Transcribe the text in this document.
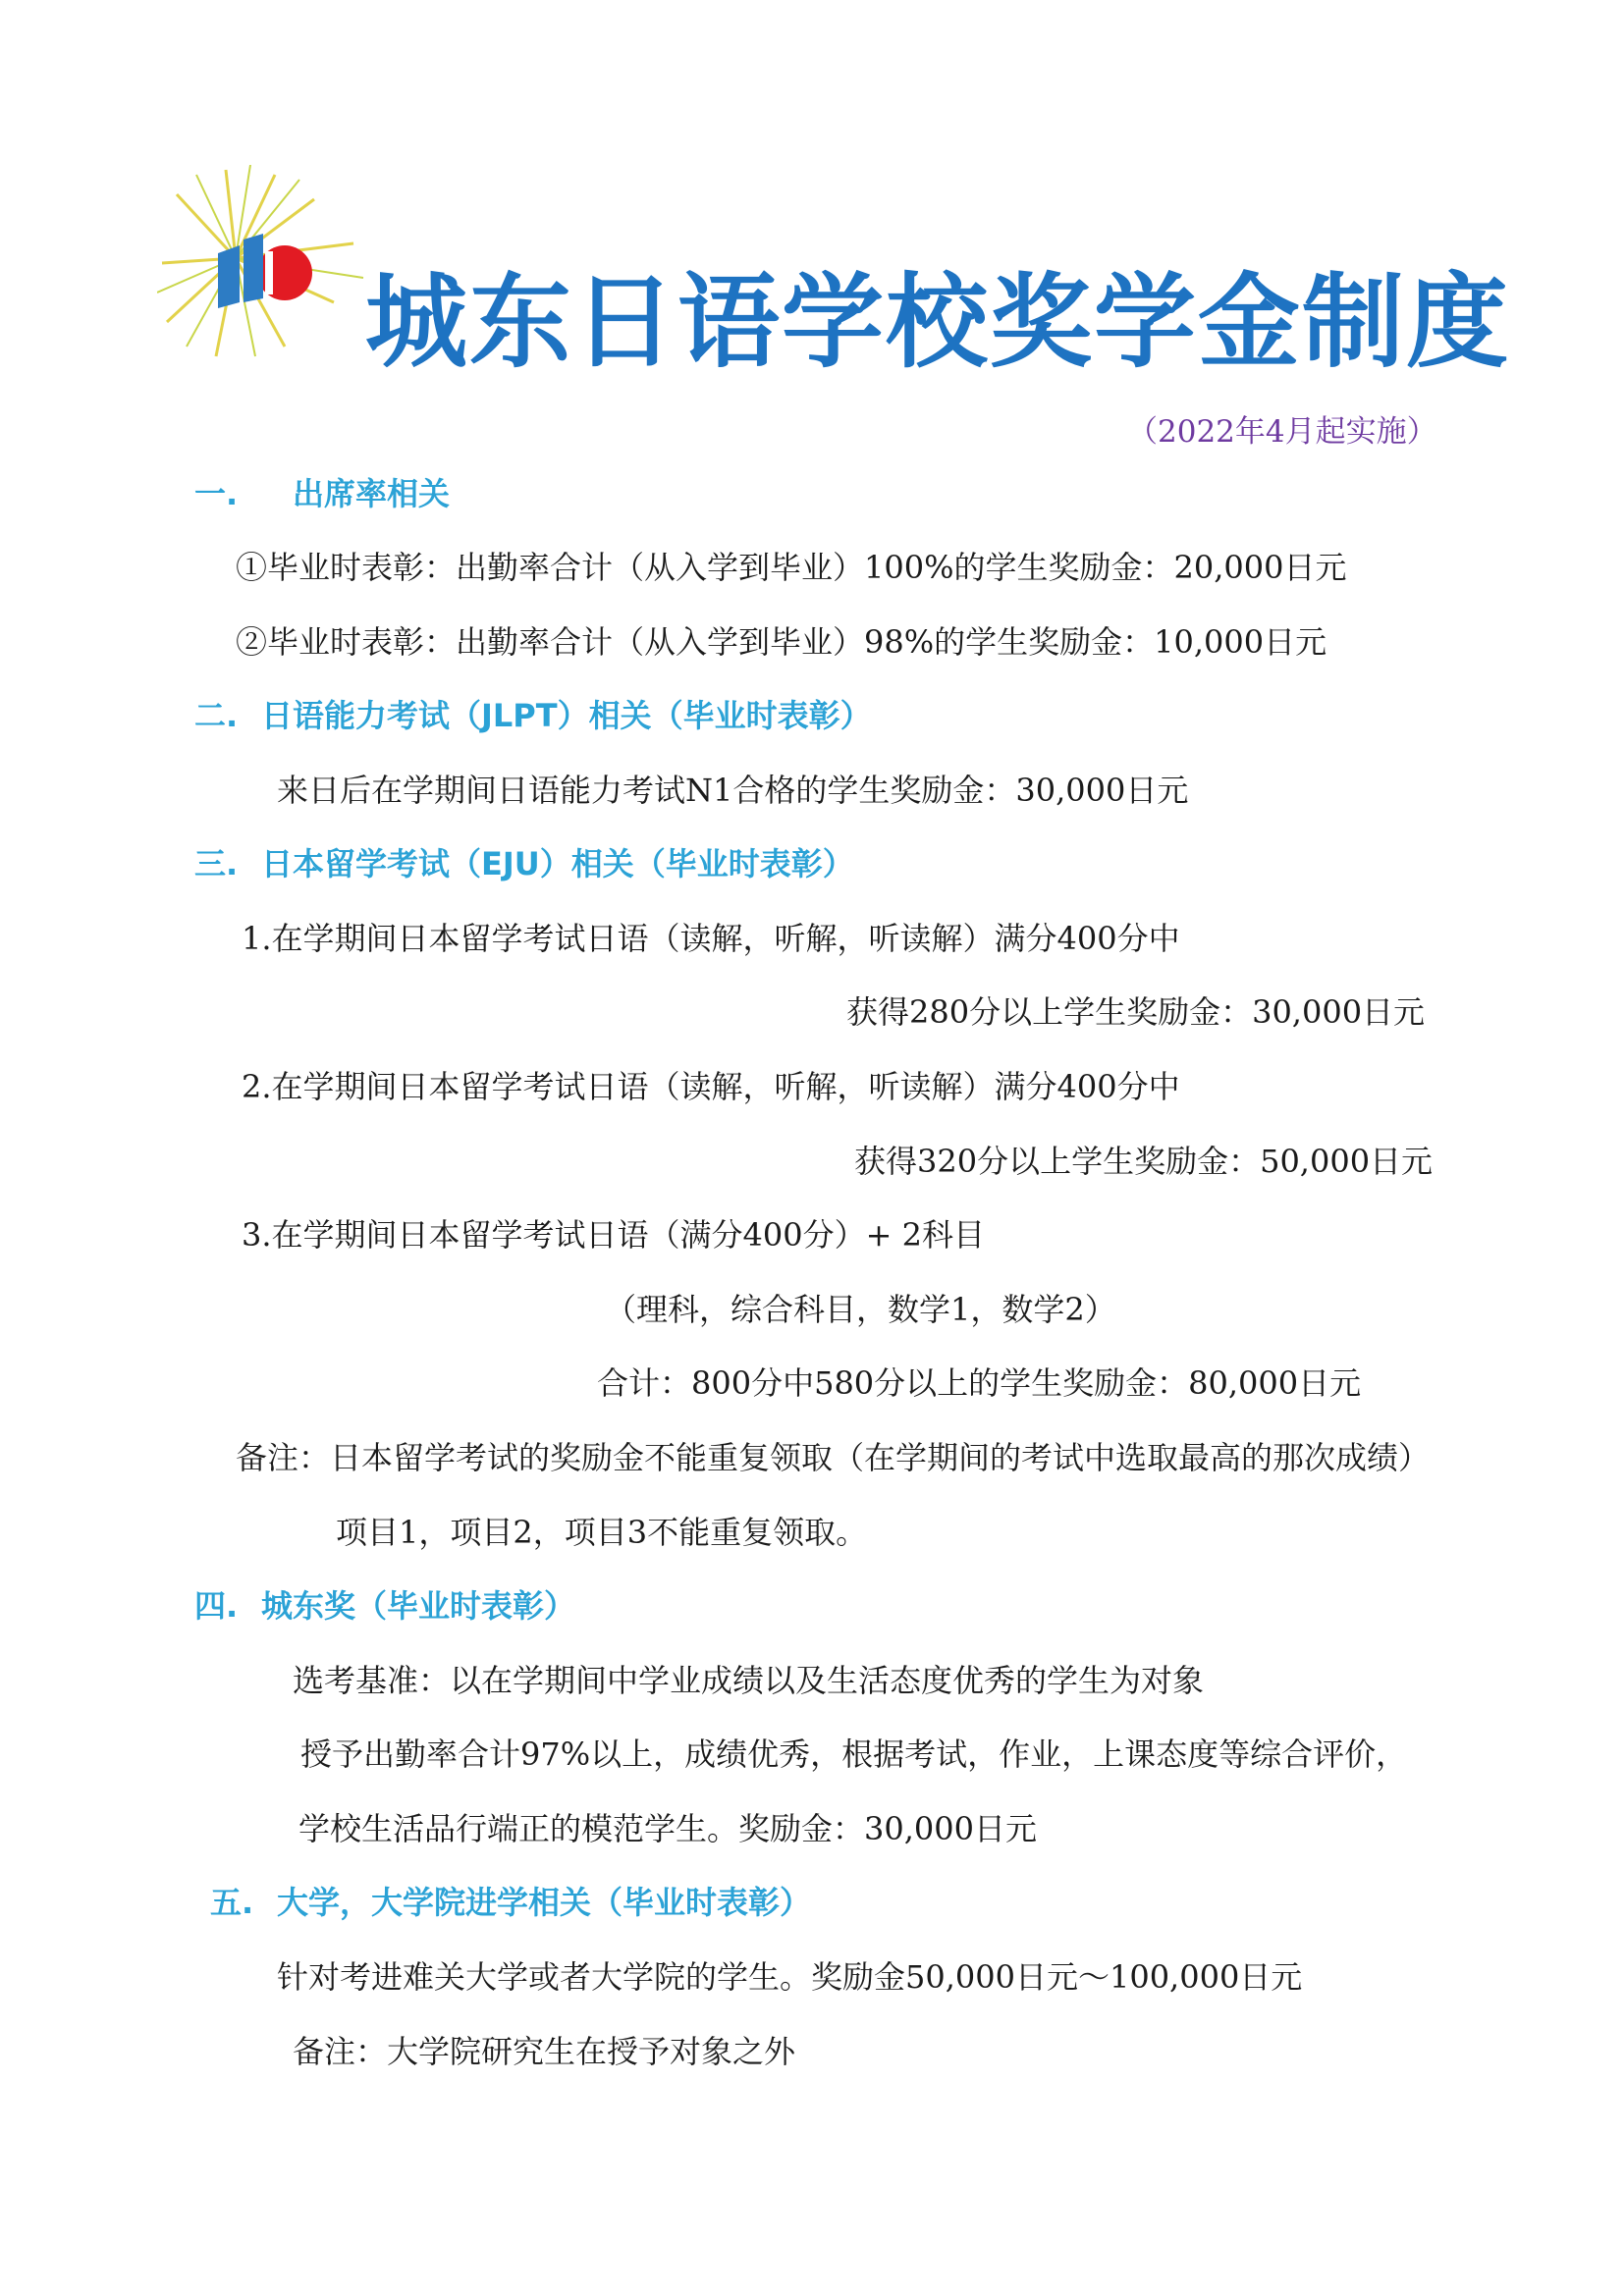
城东日语学校奖学金制度
（2022年4月起实施）
一. 出席率相关
①毕业时表彰：出勤率合计（从入学到毕业）100%的学生奖励金：20,000日元
②毕业时表彰：出勤率合计（从入学到毕业）98%的学生奖励金：10,000日元
二. 日语能力考试（JLPT）相关（毕业时表彰）
来日后在学期间日语能力考试N1合格的学生奖励金：30,000日元
三. 日本留学考试（EJU）相关（毕业时表彰）
1.在学期间日本留学考试日语（读解，听解，听读解）满分400分中
获得280分以上学生奖励金：30,000日元
2.在学期间日本留学考试日语（读解，听解，听读解）满分400分中
获得320分以上学生奖励金：50,000日元
3.在学期间日本留学考试日语（满分400分）+ 2科目
（理科，综合科目，数学1，数学2）
合计：800分中580分以上的学生奖励金：80,000日元
备注：日本留学考试的奖励金不能重复领取（在学期间的考试中选取最高的那次成绩）
项目1，项目2，项目3不能重复领取。
四. 城东奖（毕业时表彰）
选考基准：以在学期间中学业成绩以及生活态度优秀的学生为对象
授予出勤率合计97%以上，成绩优秀，根据考试，作业，上课态度等综合评价，
学校生活品行端正的模范学生。奖励金：30,000日元
五. 大学，大学院进学相关（毕业时表彰）
针对考进难关大学或者大学院的学生。奖励金50,000日元～100,000日元
备注：大学院研究生在授予对象之外
